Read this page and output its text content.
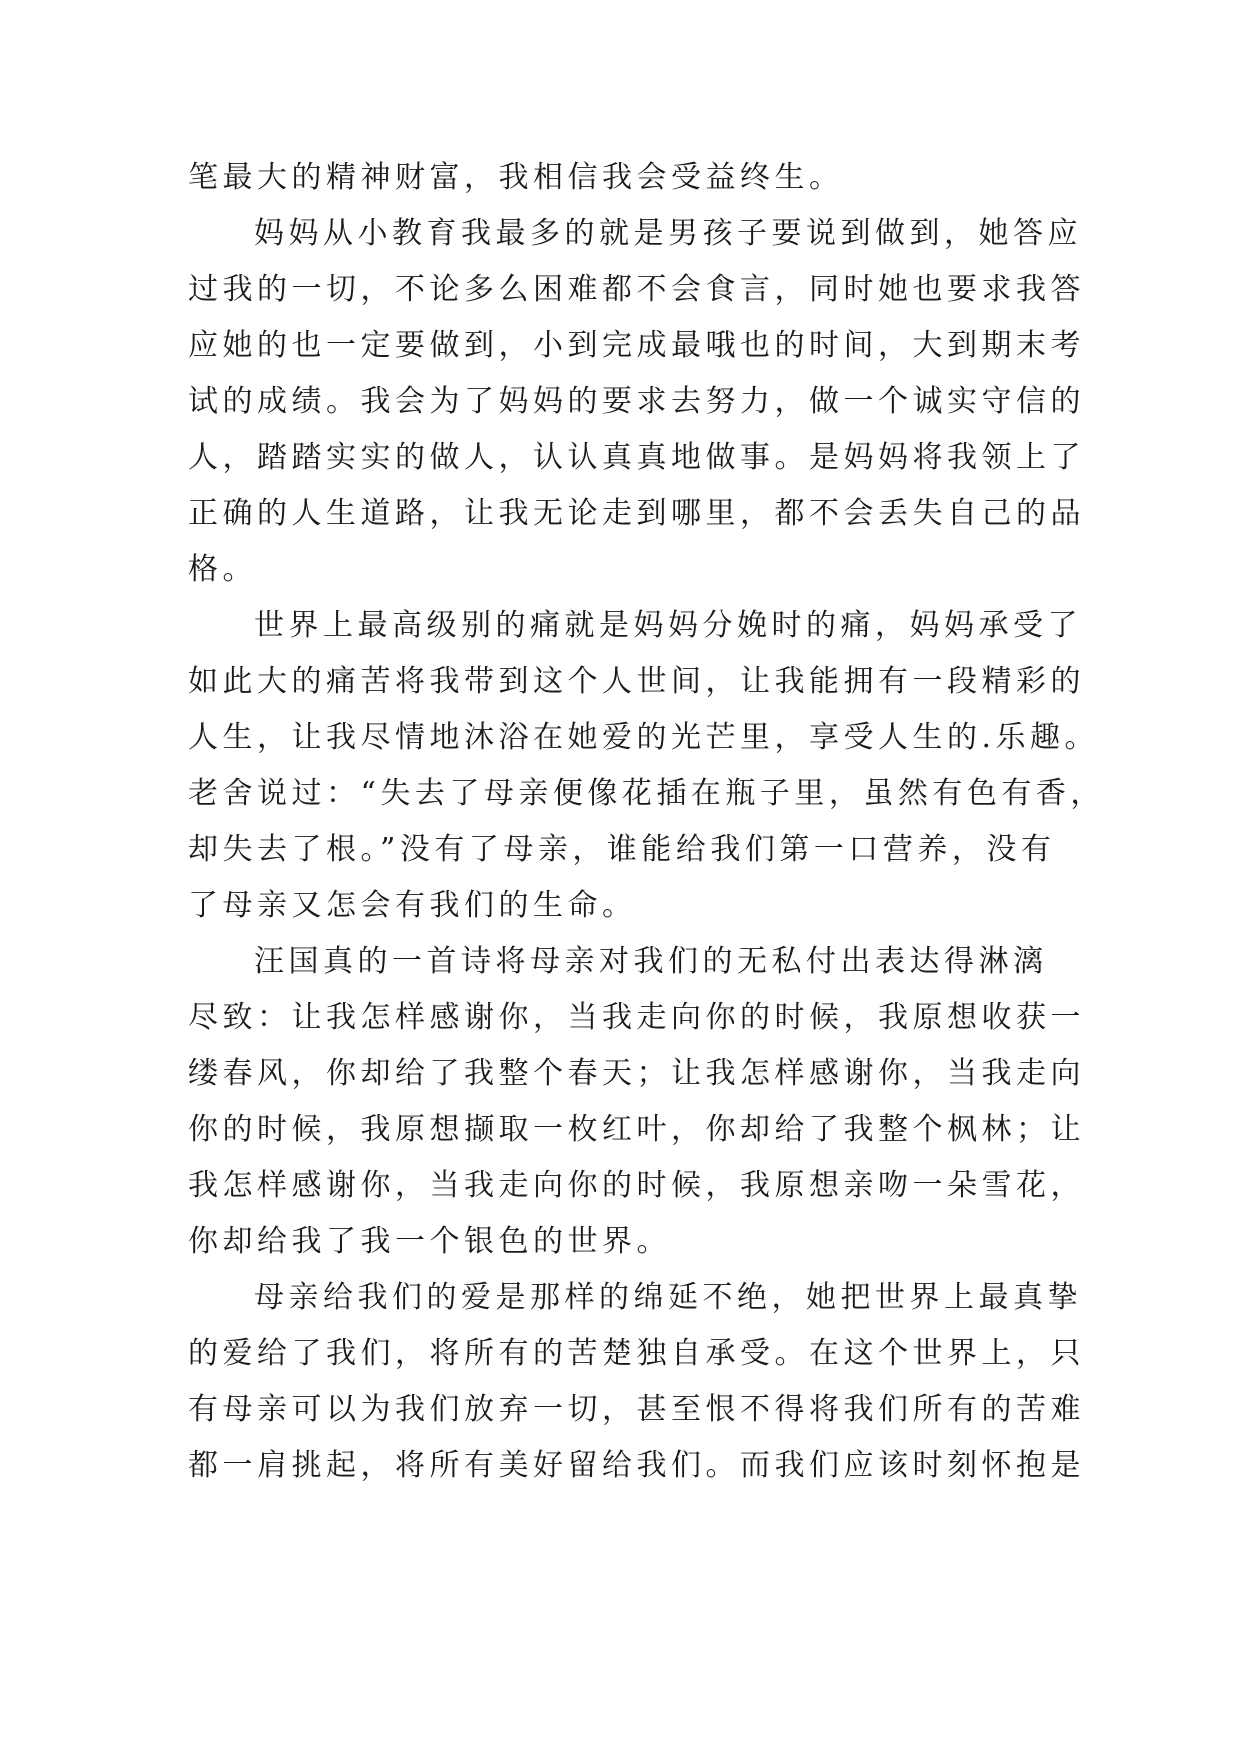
笔最大的精神财富，我相信我会受益终生。
妈妈从小教育我最多的就是男孩子要说到做到，她答应
过我的一切，不论多么困难都不会食言，同时她也要求我答
应她的也一定要做到，小到完成最哦也的时间，大到期末考
试的成绩。我会为了妈妈的要求去努力，做一个诚实守信的
人，踏踏实实的做人，认认真真地做事。是妈妈将我领上了
正确的人生道路，让我无论走到哪里，都不会丢失自己的品
格。
世界上最高级别的痛就是妈妈分娩时的痛，妈妈承受了
如此大的痛苦将我带到这个人世间，让我能拥有一段精彩的
人生，让我尽情地沐浴在她爱的光芒里，享受人生的.乐趣。
老舍说过：“失去了母亲便像花插在瓶子里，虽然有色有香，
却失去了根。”没有了母亲，谁能给我们第一口营养，没有
了母亲又怎会有我们的生命。
汪国真的一首诗将母亲对我们的无私付出表达得淋漓
尽致：让我怎样感谢你，当我走向你的时候，我原想收获一
缕春风，你却给了我整个春天；让我怎样感谢你，当我走向
你的时候，我原想撷取一枚红叶，你却给了我整个枫林；让
我怎样感谢你，当我走向你的时候，我原想亲吻一朵雪花，
你却给我了我一个银色的世界。
母亲给我们的爱是那样的绵延不绝，她把世界上最真挚
的爱给了我们，将所有的苦楚独自承受。在这个世界上，只
有母亲可以为我们放弃一切，甚至恨不得将我们所有的苦难
都一肩挑起，将所有美好留给我们。而我们应该时刻怀抱是
